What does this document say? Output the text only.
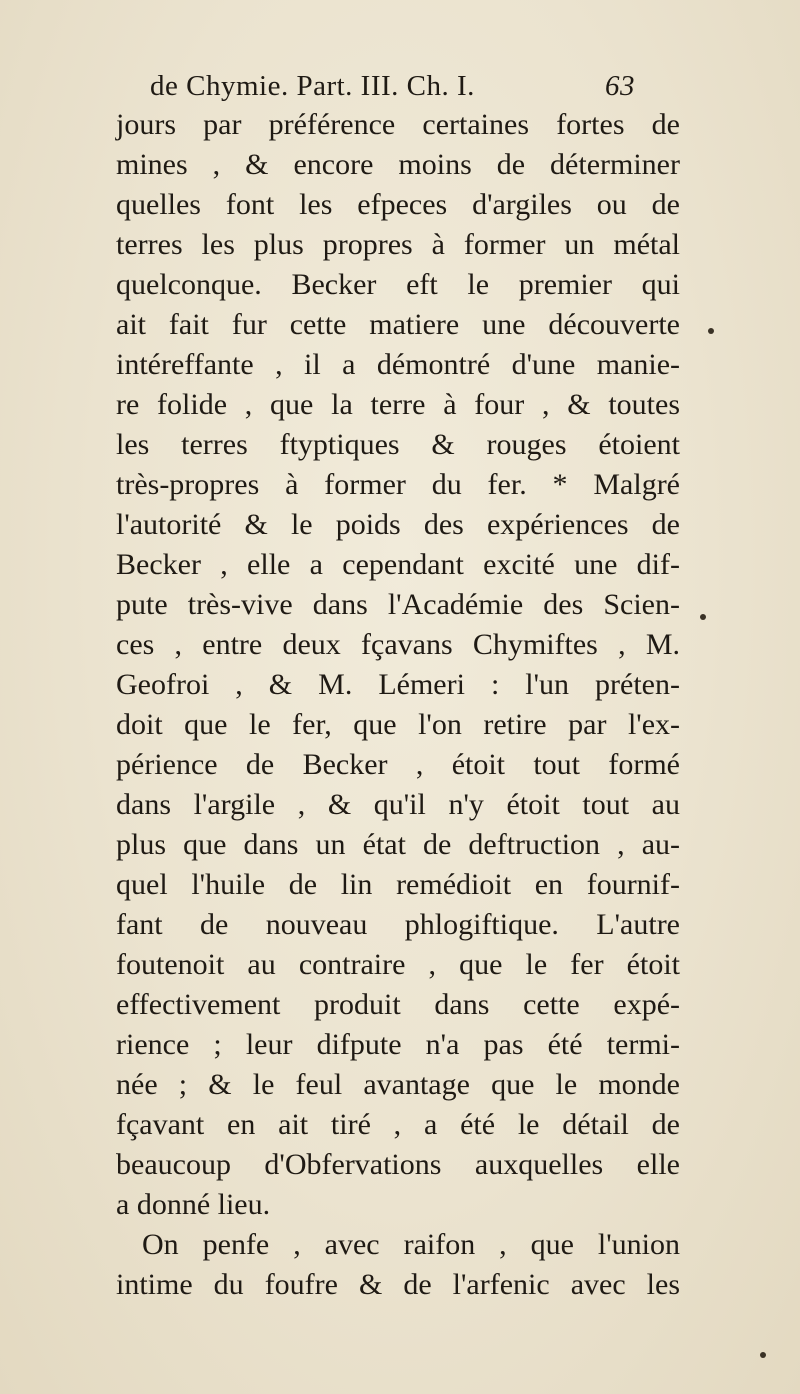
de Chymie. Part. III. Ch. I.	63
jours par préférence certaines fortes de
mines , & encore moins de déterminer
quelles font les efpeces d'argiles ou de
terres les plus propres à former un métal
quelconque. Becker eft le premier qui
ait fait fur cette matiere une découverte
intéreffante , il a démontré d'une manie-
re folide , que la terre à four , & toutes
les terres ftyptiques & rouges étoient
très-propres à former du fer. * Malgré
l'autorité & le poids des expériences de
Becker , elle a cependant excité une dif-
pute très-vive dans l'Académie des Scien-
ces , entre deux fçavans Chymiftes , M.
Geofroi , & M. Lémeri : l'un préten-
doit que le fer, que l'on retire par l'ex-
périence de Becker , étoit tout formé
dans l'argile , & qu'il n'y étoit tout au
plus que dans un état de deftruction , au-
quel l'huile de lin remédioit en fournif-
fant de nouveau phlogiftique. L'autre
foutenoit au contraire , que le fer étoit
effectivement produit dans cette expé-
rience ; leur difpute n'a pas été termi-
née ; & le feul avantage que le monde
fçavant en ait tiré , a été le détail de
beaucoup d'Obfervations auxquelles elle
a donné lieu.
On penfe , avec raifon , que l'union
intime du foufre & de l'arfenic avec les
